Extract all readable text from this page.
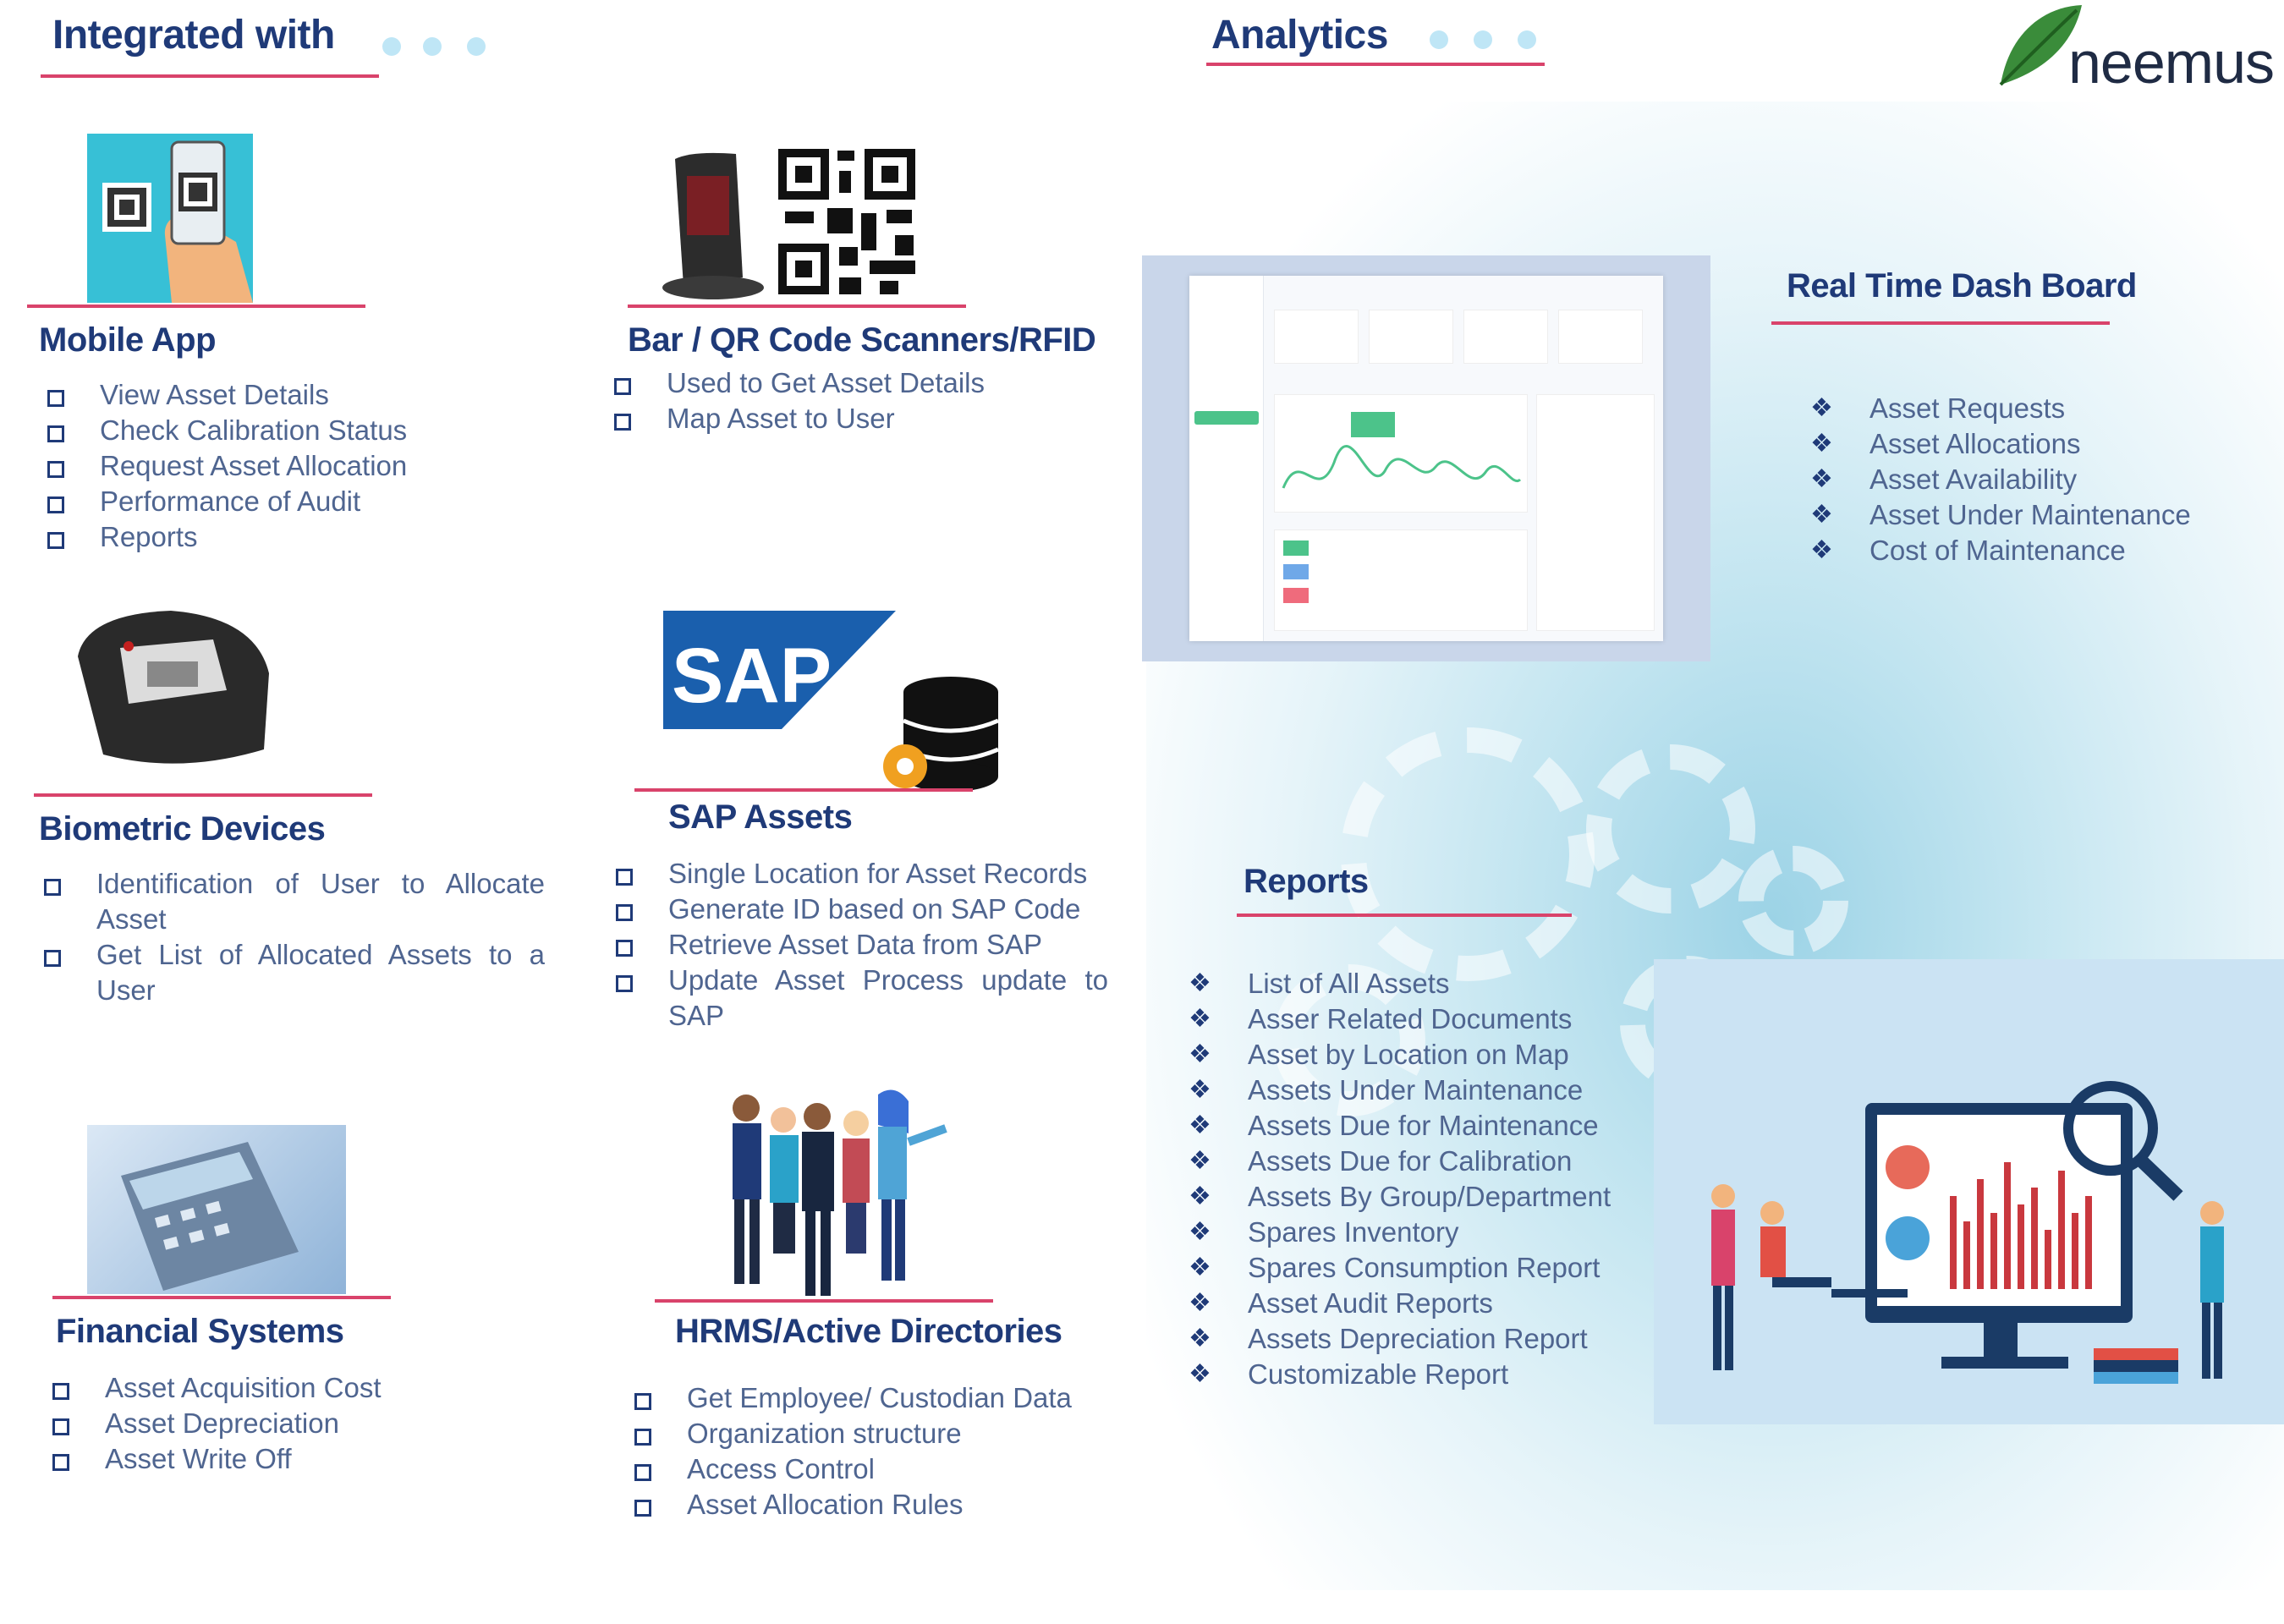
Integrated with	Analytics	neemus
Mobile App
View Asset Details
Check Calibration Status
Request Asset Allocation
Performance of Audit
Reports
Bar / QR Code Scanners/RFID
Used to Get Asset Details
Map Asset to User
Biometric Devices
Identification of User to Allocate Asset
Get List of Allocated Assets to a User
SAP
SAP Assets
Single Location for Asset Records
Generate ID based on SAP Code
Retrieve Asset Data from SAP
Update Asset Process update to SAP
Financial Systems
Asset Acquisition Cost
Asset Depreciation
Asset Write Off
HRMS/Active Directories
Get Employee/ Custodian Data
Organization structure
Access Control
Asset Allocation Rules
Real Time Dash Board
❖ Asset Requests
❖ Asset Allocations
❖ Asset Availability
❖ Asset Under Maintenance
❖ Cost of Maintenance
Reports
❖ List of All Assets
❖ Asser Related Documents
❖ Asset by Location on Map
❖ Assets Under Maintenance
❖ Assets Due for Maintenance
❖ Assets Due for Calibration
❖ Assets By Group/Department
❖ Spares Inventory
❖ Spares Consumption Report
❖ Asset Audit Reports
❖ Assets Depreciation Report
❖ Customizable Report
